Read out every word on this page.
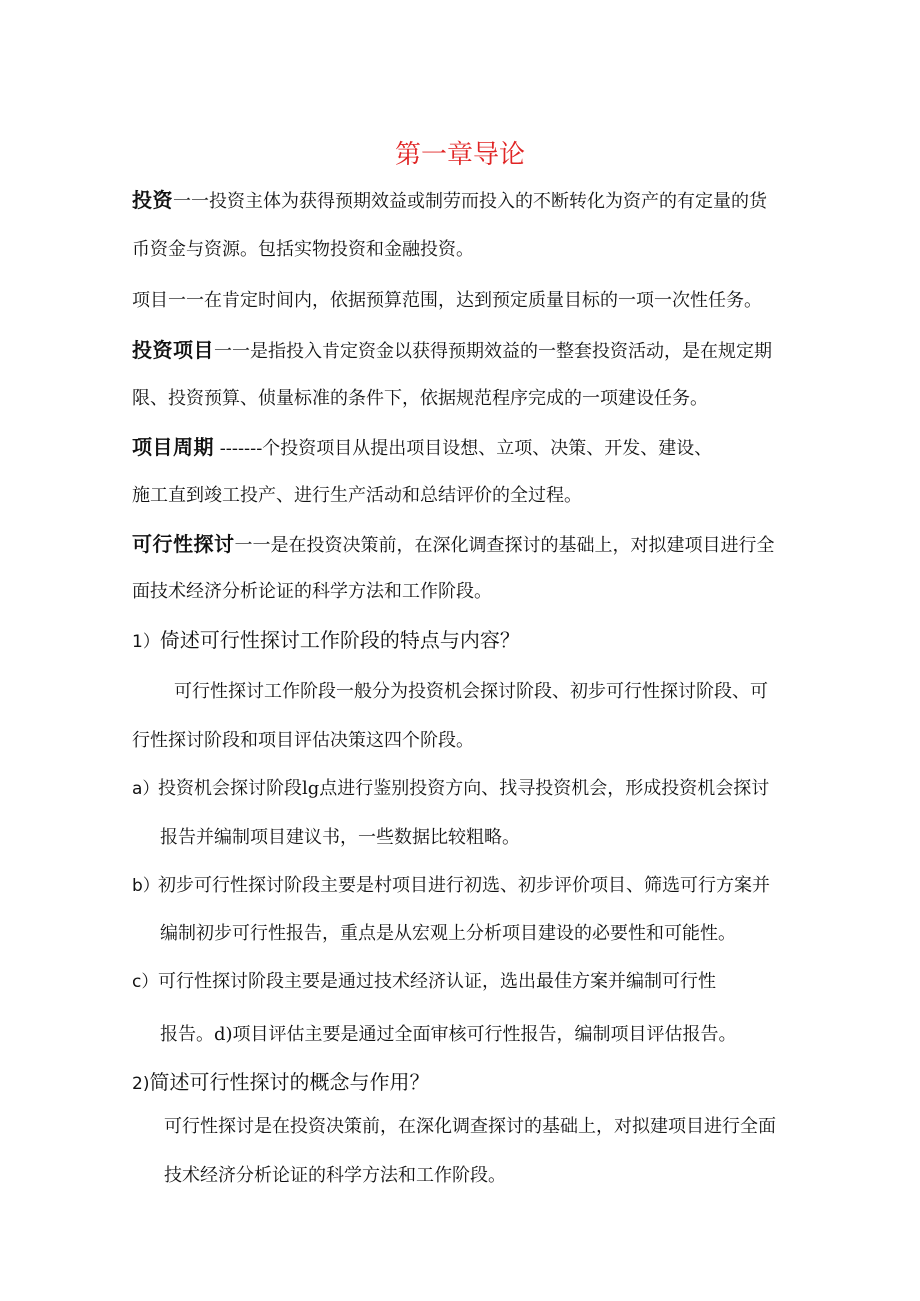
第一章导论
投资一一投资主体为获得预期效益或制劳而投入的不断转化为资产的有定量的货
币资金与资源。包括实物投资和金融投资。
项目一一在肯定时间内，依据预算范围，达到预定质量目标的一项一次性任务。
投资项目一一是指投入肯定资金以获得预期效益的一整套投资活动，是在规定期
限、投资预算、侦量标准的条件下，依据规范程序完成的一项建设任务。
项目周期 -------个投资项目从提出项目设想、立项、决策、开发、建设、
施工直到竣工投产、进行生产活动和总结评价的全过程。
可行性探讨一一是在投资决策前，在深化调查探讨的基础上，对拟建项目进行全
面技术经济分析论证的科学方法和工作阶段。
1）倚述可行性探讨工作阶段的特点与内容？
可行性探讨工作阶段一般分为投资机会探讨阶段、初步可行性探讨阶段、可
行性探讨阶段和项目评估决策这四个阶段。
a）投资机会探讨阶段lg点进行鉴别投资方向、找寻投资机会，形成投资机会探讨
报告并编制项目建议书，一些数据比较粗略。
b）初步可行性探讨阶段主要是村项目进行初选、初步评价项目、筛选可行方案并
编制初步可行性报告，重点是从宏观上分析项目建设的必要性和可能性。
c）可行性探讨阶段主要是通过技术经济认证，选出最佳方案并编制可行性
报告。d)项目评估主要是通过全面审核可行性报告，编制项目评估报告。
2)简述可行性探讨的概念与作用？
可行性探讨是在投资决策前，在深化调查探讨的基础上，对拟建项目进行全面
技术经济分析论证的科学方法和工作阶段。
